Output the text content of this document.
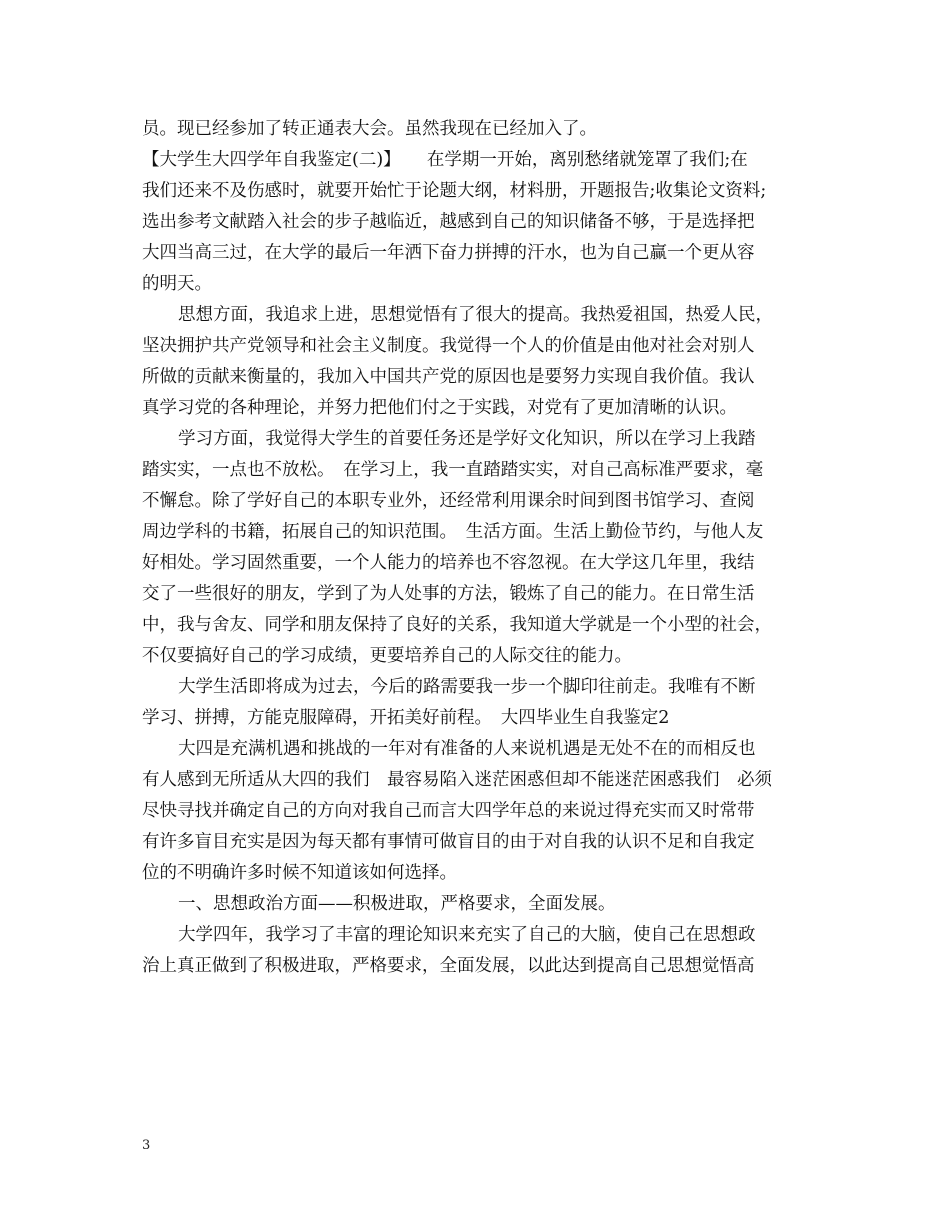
员。现已经参加了转正通表大会。虽然我现在已经加入了。
【大学生大四学年自我鉴定(二)】　　在学期一开始，离别愁绪就笼罩了我们;在
我们还来不及伤感时，就要开始忙于论题大纲，材料册，开题报告;收集论文资料;
选出参考文献踏入社会的步子越临近，越感到自己的知识储备不够，于是选择把
大四当高三过，在大学的最后一年洒下奋力拼搏的汗水，也为自己赢一个更从容
的明天。
思想方面，我追求上进，思想觉悟有了很大的提高。我热爱祖国，热爱人民，
坚决拥护共产党领导和社会主义制度。我觉得一个人的价值是由他对社会对别人
所做的贡献来衡量的，我加入中国共产党的原因也是要努力实现自我价值。我认
真学习党的各种理论，并努力把他们付之于实践，对党有了更加清晰的认识。
学习方面，我觉得大学生的首要任务还是学好文化知识，所以在学习上我踏
踏实实，一点也不放松。　在学习上，我一直踏踏实实，对自己高标准严要求，毫
不懈怠。除了学好自己的本职专业外，还经常利用课余时间到图书馆学习、查阅
周边学科的书籍，拓展自己的知识范围。　生活方面。生活上勤俭节约，与他人友
好相处。学习固然重要，一个人能力的培养也不容忽视。在大学这几年里，我结
交了一些很好的朋友，学到了为人处事的方法，锻炼了自己的能力。在日常生活
中，我与舍友、同学和朋友保持了良好的关系，我知道大学就是一个小型的社会，
不仅要搞好自己的学习成绩，更要培养自己的人际交往的能力。
大学生活即将成为过去，今后的路需要我一步一个脚印往前走。我唯有不断
学习、拼搏，方能克服障碍，开拓美好前程。　大四毕业生自我鉴定2
大四是充满机遇和挑战的一年对有准备的人来说机遇是无处不在的而相反也
有人感到无所适从大四的我们　最容易陷入迷茫困惑但却不能迷茫困惑我们　必须
尽快寻找并确定自己的方向对我自己而言大四学年总的来说过得充实而又时常带
有许多盲目充实是因为每天都有事情可做盲目的由于对自我的认识不足和自我定
位的不明确许多时候不知道该如何选择。
一、思想政治方面——积极进取，严格要求，全面发展。
大学四年，我学习了丰富的理论知识来充实了自己的大脑，使自己在思想政
治上真正做到了积极进取，严格要求，全面发展，以此达到提高自己思想觉悟高
3
